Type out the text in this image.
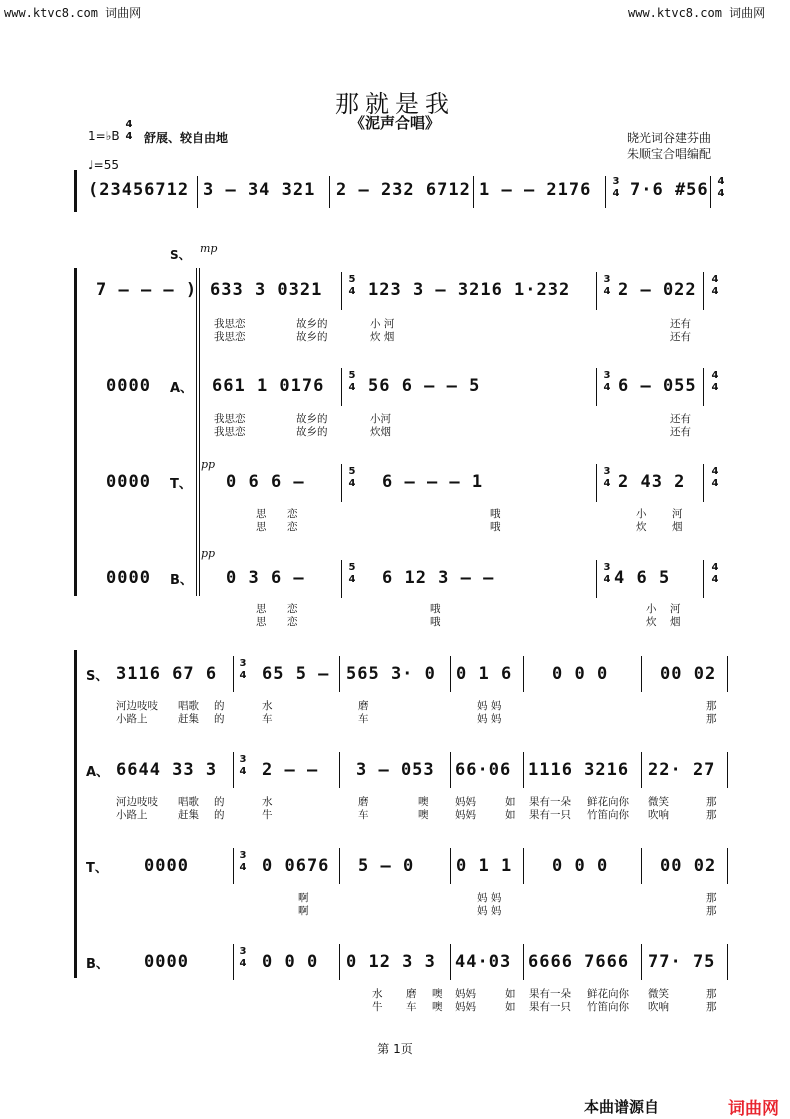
www.ktvc8.com 词曲网	www.ktvc8.com 词曲网
那就是我
《泥声合唱》
1=♭B
4
4 舒展、较自由地
♩=55
晓光词谷建芬曲
朱顺宝合唱编配
(23456712 3 – 34 321 2 – 232 6712 1 – – 2176 3
4 7·6 #56 4
4
S、 mp
7 – – – ) 633 3 0321
5
4 123 3 – 3216 1·232
3
4 2 – 022
4
4
我思恋
我思恋
故乡的
故乡的
小 河
炊 烟
还有
还有
0000 A、 661 1 0176
5
4 56 6 – – 5
3
4 6 – 055
4
4
我思恋
我思恋
故乡的
故乡的
小河
炊烟
还有
还有
pp
0000 T、 0 6 6 –
5
4 6 – – – 1
3
4 2 43 2
4
4
思
思
恋
恋
哦
哦
小
炊
河
烟
pp
0000 B、 0 3 6 –
5
4 6 12 3 – –
3
4 4 6 5
4
4
思
思
恋
恋
哦
哦
小
炊
河
烟
S、 3116 67 6
3
4 65 5 – 565 3· 0 0 1 6 0 0 0	00 02
河边吱吱
小路上
唱歌
赶集
的
的
水
车
磨
车
妈 妈
妈 妈
那
那
A、 6644 33 3
3
4 2 – – 3 – 053 66·06 1116 3216 22· 27
河边吱吱
小路上
唱歌
赶集
的
的
水
牛
磨
车
噢
噢
妈妈
妈妈
如
如
果有一朵
果有一只
鲜花向你
竹笛向你
微笑
吹响
那
那
T、 0000
3
4 0 0676 5 – 0 0 1 1 0 0 0	00 02
啊
啊
妈 妈
妈 妈
那
那
B、 0000
3
4 0 0 0 0 12 3 3 44·03 6666 7666 77· 75
水
牛
磨
车
噢
噢
妈妈
妈妈
如
如
果有一朵
果有一只
鲜花向你
竹笛向你
微笑
吹响
那
那
第 1页
本曲谱源自	词曲网
